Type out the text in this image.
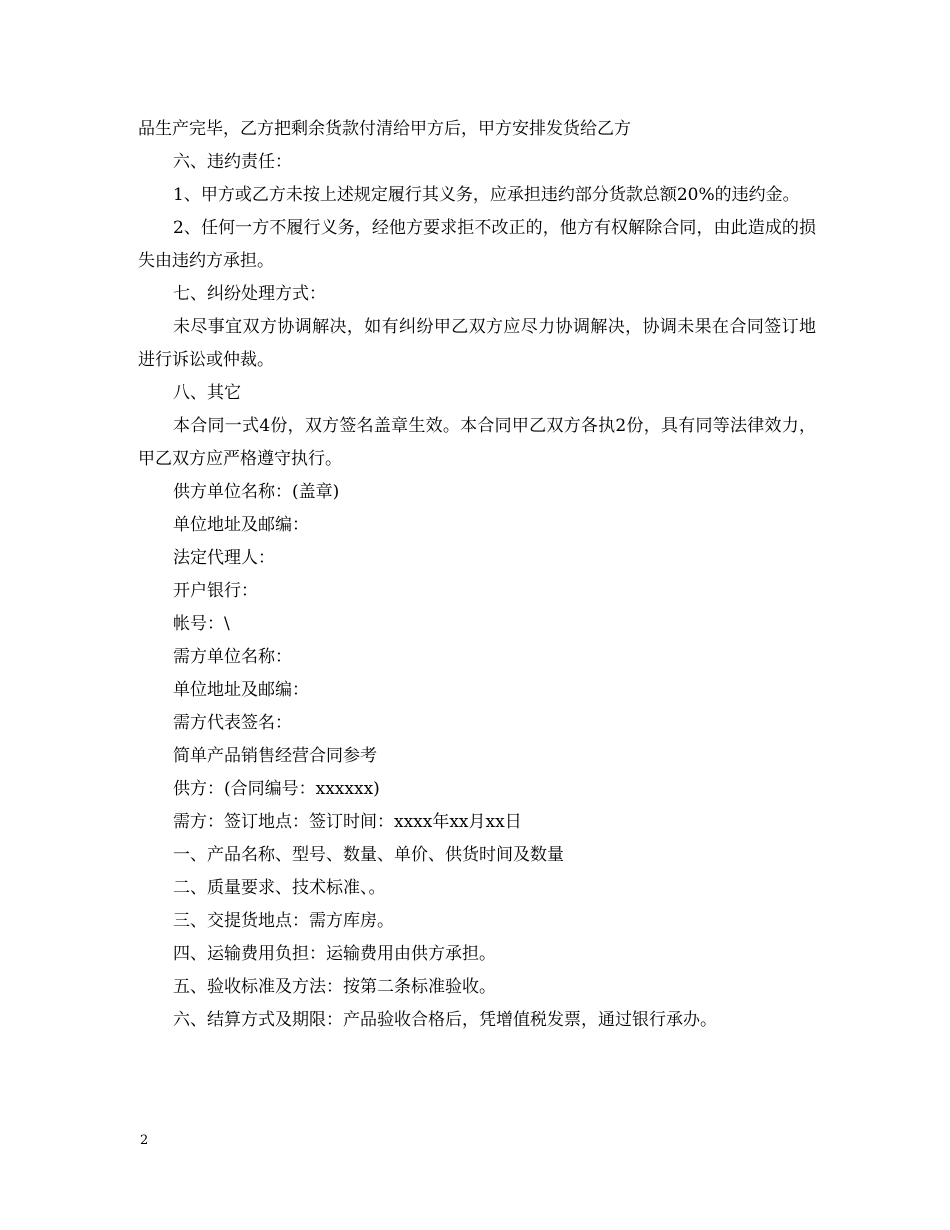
品生产完毕，乙方把剩余货款付清给甲方后，甲方安排发货给乙方

六、违约责任：

1、甲方或乙方未按上述规定履行其义务，应承担违约部分货款总额20%的违约金。

2、任何一方不履行义务，经他方要求拒不改正的，他方有权解除合同，由此造成的损失由违约方承担。

七、纠纷处理方式：

未尽事宜双方协调解决，如有纠纷甲乙双方应尽力协调解决，协调未果在合同签订地进行诉讼或仲裁。

八、其它

本合同一式4份，双方签名盖章生效。本合同甲乙双方各执2份，具有同等法律效力，甲乙双方应严格遵守执行。

供方单位名称：(盖章)

单位地址及邮编：

法定代理人：

开户银行：

帐号：\

需方单位名称：

单位地址及邮编：

需方代表签名：

简单产品销售经营合同参考

供方：(合同编号：xxxxxx)

需方：签订地点：签订时间：xxxx年xx月xx日

一、产品名称、型号、数量、单价、供货时间及数量

二、质量要求、技术标准、。

三、交提货地点：需方库房。

四、运输费用负担：运输费用由供方承担。

五、验收标准及方法：按第二条标准验收。

六、结算方式及期限：产品验收合格后，凭增值税发票，通过银行承办。

2
